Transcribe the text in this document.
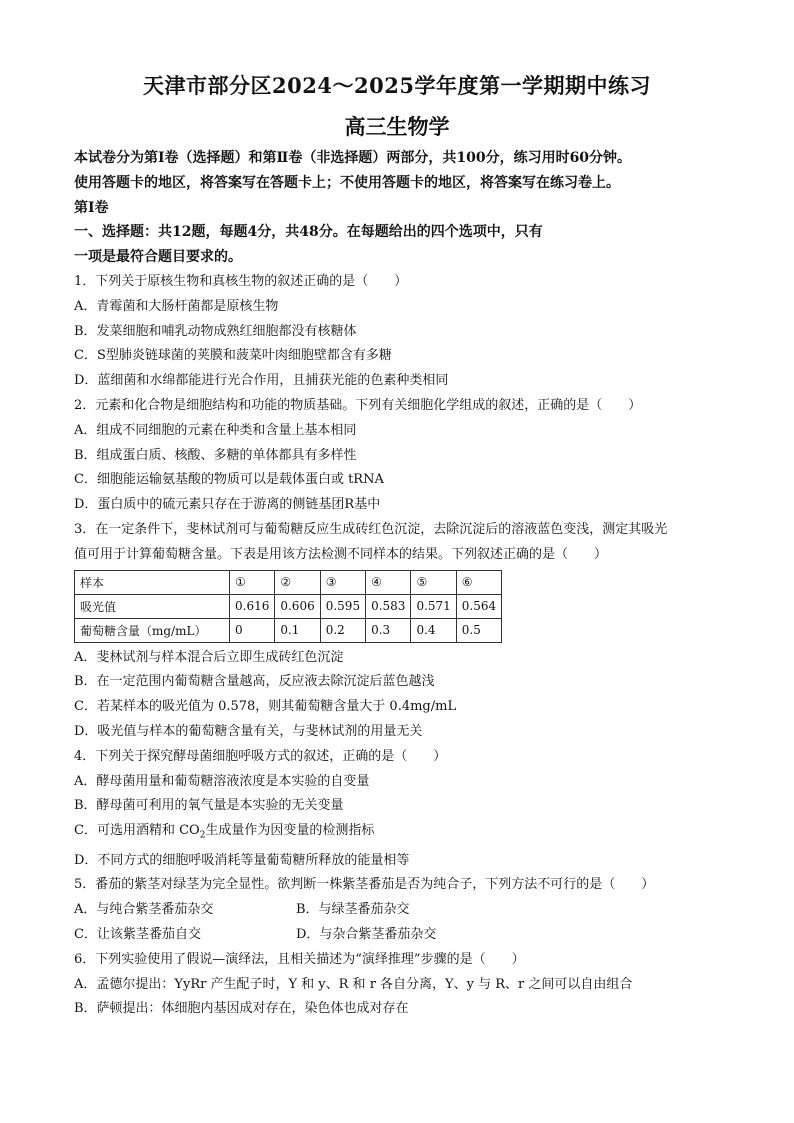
天津市部分区2024～2025学年度第一学期期中练习
高三生物学
本试卷分为第Ⅰ卷（选择题）和第Ⅱ卷（非选择题）两部分，共100分，练习用时60分钟。
使用答题卡的地区，将答案写在答题卡上；不使用答题卡的地区，将答案写在练习卷上。
第Ⅰ卷
一、选择题：共12题，每题4分，共48分。在每题给出的四个选项中，只有
一项是最符合题目要求的。
1．下列关于原核生物和真核生物的叙述正确的是（　　）
A．青霉菌和大肠杆菌都是原核生物
B．发菜细胞和哺乳动物成熟红细胞都没有核糖体
C．S型肺炎链球菌的荚膜和菠菜叶肉细胞壁都含有多糖
D．蓝细菌和水绵都能进行光合作用，且捕获光能的色素种类相同
2．元素和化合物是细胞结构和功能的物质基础。下列有关细胞化学组成的叙述，正确的是（　　）
A．组成不同细胞的元素在种类和含量上基本相同
B．组成蛋白质、核酸、多糖的单体都具有多样性
C．细胞能运输氨基酸的物质可以是载体蛋白或 tRNA
D．蛋白质中的硫元素只存在于游离的侧链基团R基中
3．在一定条件下，斐林试剂可与葡萄糖反应生成砖红色沉淀，去除沉淀后的溶液蓝色变浅，测定其吸光
值可用于计算葡萄糖含量。下表是用该方法检测不同样本的结果。下列叙述正确的是（　　）
样本	①	②	③	④	⑤	⑥
吸光值	0.616	0.606	0.595	0.583	0.571	0.564
葡萄糖含量（mg/mL）	0	0.1	0.2	0.3	0.4	0.5
A．斐林试剂与样本混合后立即生成砖红色沉淀
B．在一定范围内葡萄糖含量越高，反应液去除沉淀后蓝色越浅
C．若某样本的吸光值为 0.578，则其葡萄糖含量大于 0.4mg/mL
D．吸光值与样本的葡萄糖含量有关，与斐林试剂的用量无关
4．下列关于探究酵母菌细胞呼吸方式的叙述，正确的是（　　）
A．酵母菌用量和葡萄糖溶液浓度是本实验的自变量
B．酵母菌可利用的氧气量是本实验的无关变量
C．可选用酒精和 $CO_2$生成量作为因变量的检测指标
D．不同方式的细胞呼吸消耗等量葡萄糖所释放的能量相等
5．番茄的紫茎对绿茎为完全显性。欲判断一株紫茎番茄是否为纯合子，下列方法不可行的是（　　）
A．与纯合紫茎番茄杂交	B．与绿茎番茄杂交
C．让该紫茎番茄自交	D．与杂合紫茎番茄杂交
6．下列实验使用了假说—演绎法，且相关描述为“演绎推理”步骤的是（　　）
A．孟德尔提出：YyRr 产生配子时，Y 和 y、R 和 r 各自分离，Y、y 与 R、r 之间可以自由组合
B．萨顿提出：体细胞内基因成对存在，染色体也成对存在
